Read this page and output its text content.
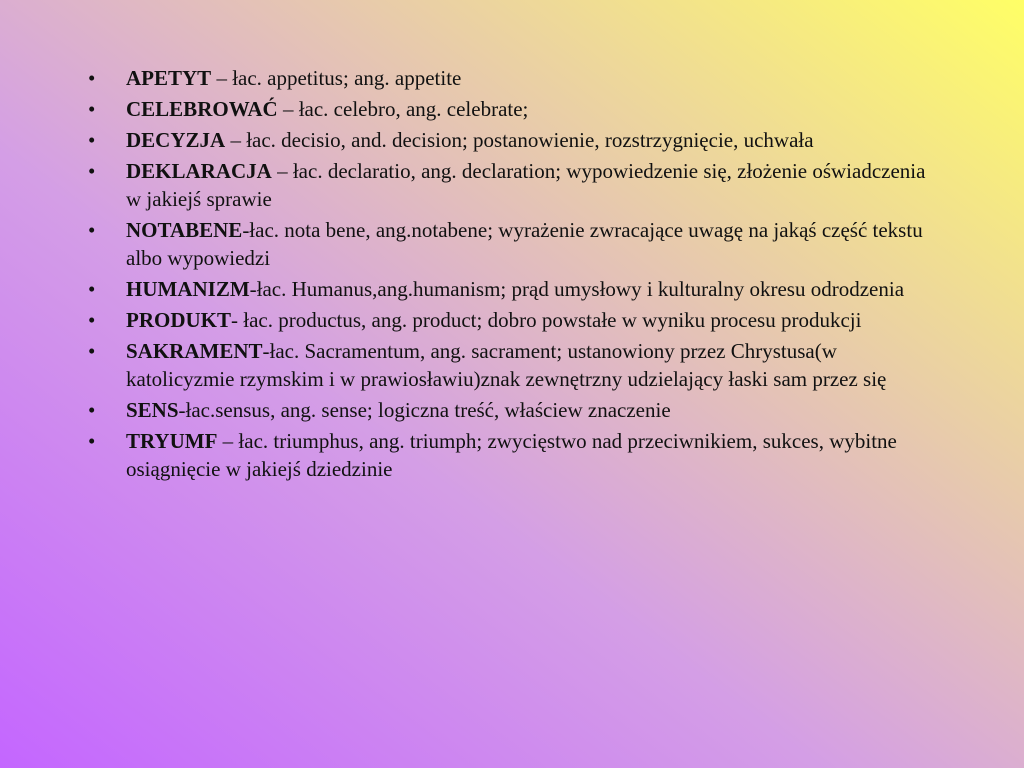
• APETYT – łac. appetitus; ang. appetite
• CELEBROWAĆ – łac. celebro, ang. celebrate;
• DECYZJA – łac. decisio, and. decision; postanowienie, rozstrzygnięcie, uchwała
• DEKLARACJA – łac. declaratio, ang. declaration; wypowiedzenie się, złożenie oświadczenia w jakiejś sprawie
• NOTABENE-łac. nota bene, ang.notabene; wyrażenie zwracające uwagę na jakąś część tekstu albo wypowiedzi
• HUMANIZM-łac. Humanus,ang.humanism; prąd umysłowy i kulturalny okresu odrodzenia
• PRODUKT- łac. productus, ang. product; dobro powstałe w wyniku procesu produkcji
• SAKRAMENT-łac. Sacramentum, ang. sacrament; ustanowiony przez Chrystusa(w katolicyzmie rzymskim i w prawiosławiu)znak zewnętrzny udzielający łaski sam przez się
• SENS-łac.sensus, ang. sense; logiczna treść, właściew znaczenie
• TRYUMF – łac. triumphus, ang. triumph; zwycięstwo nad przeciwnikiem, sukces, wybitne osiągnięcie w jakiejś dziedzinie
